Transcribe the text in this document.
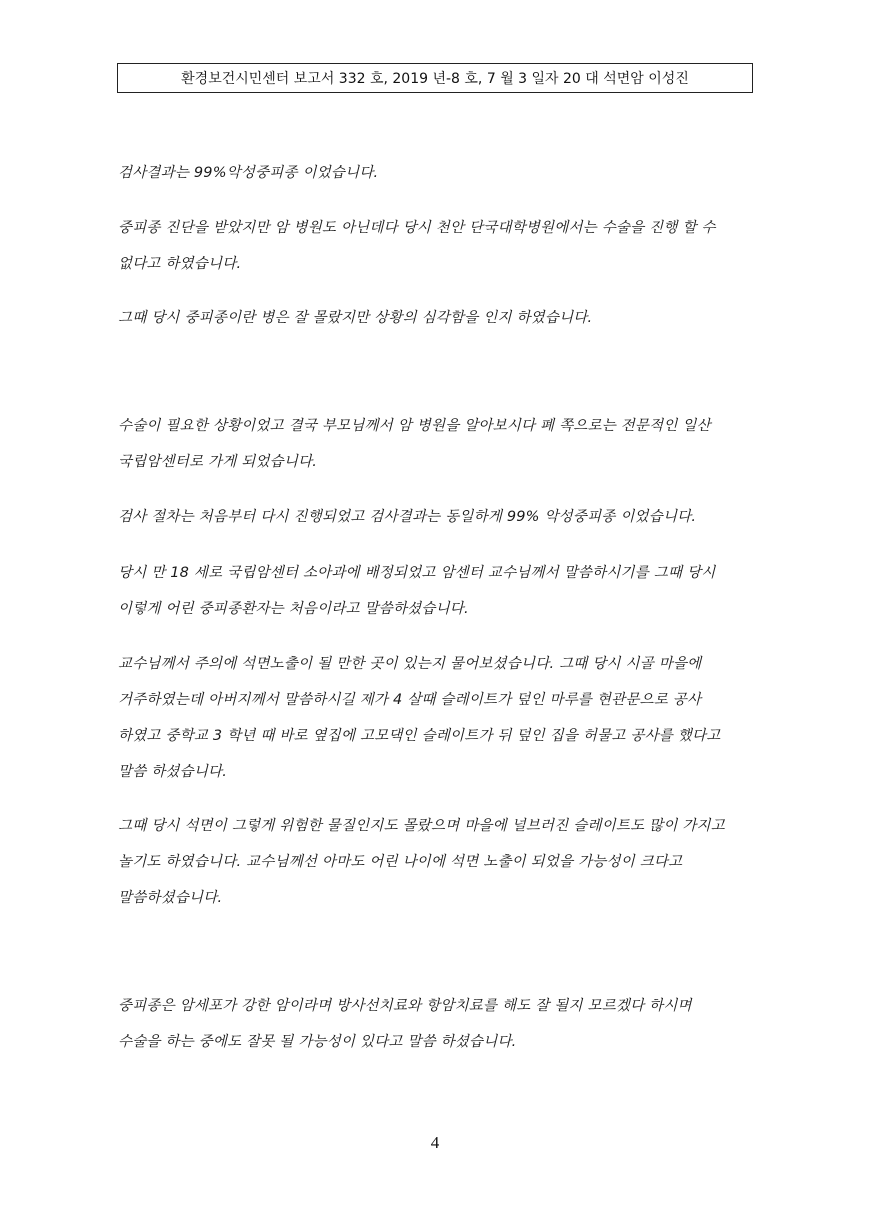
환경보건시민센터 보고서 332 호, 2019 년-8 호, 7 월 3 일자 20 대 석면암 이성진
검사결과는 99%악성중피종 이었습니다.
중피종 진단을 받았지만 암 병원도 아닌데다 당시 천안 단국대학병원에서는 수술을 진행 할 수
없다고 하였습니다.
그때 당시 중피종이란 병은 잘 몰랐지만 상황의 심각함을 인지 하였습니다.
수술이 필요한 상황이었고 결국 부모님께서 암 병원을 알아보시다 폐 쪽으로는 전문적인 일산
국립암센터로 가게 되었습니다.
검사 절차는 처음부터 다시 진행되었고 검사결과는 동일하게 99% 악성중피종 이었습니다.
당시 만 18 세로 국립암센터 소아과에 배정되었고 암센터 교수님께서 말씀하시기를 그때 당시
이렇게 어린 중피종환자는 처음이라고 말씀하셨습니다.
교수님께서 주의에 석면노출이 될 만한 곳이 있는지 물어보셨습니다. 그때 당시 시골 마을에
거주하였는데 아버지께서 말씀하시길 제가 4 살때 슬레이트가 덮인 마루를 현관문으로 공사
하였고 중학교 3 학년 때 바로 옆집에 고모댁인 슬레이트가 뒤 덮인 집을 허물고 공사를 했다고
말씀 하셨습니다.
그때 당시 석면이 그렇게 위험한 물질인지도 몰랐으며 마을에 널브러진 슬레이트도 많이 가지고
놀기도 하였습니다. 교수님께선 아마도 어린 나이에 석면 노출이 되었을 가능성이 크다고
말씀하셨습니다.
중피종은 암세포가 강한 암이라며 방사선치료와 항암치료를 해도 잘 될지 모르겠다 하시며
수술을 하는 중에도 잘못 될 가능성이 있다고 말씀 하셨습니다.
4
